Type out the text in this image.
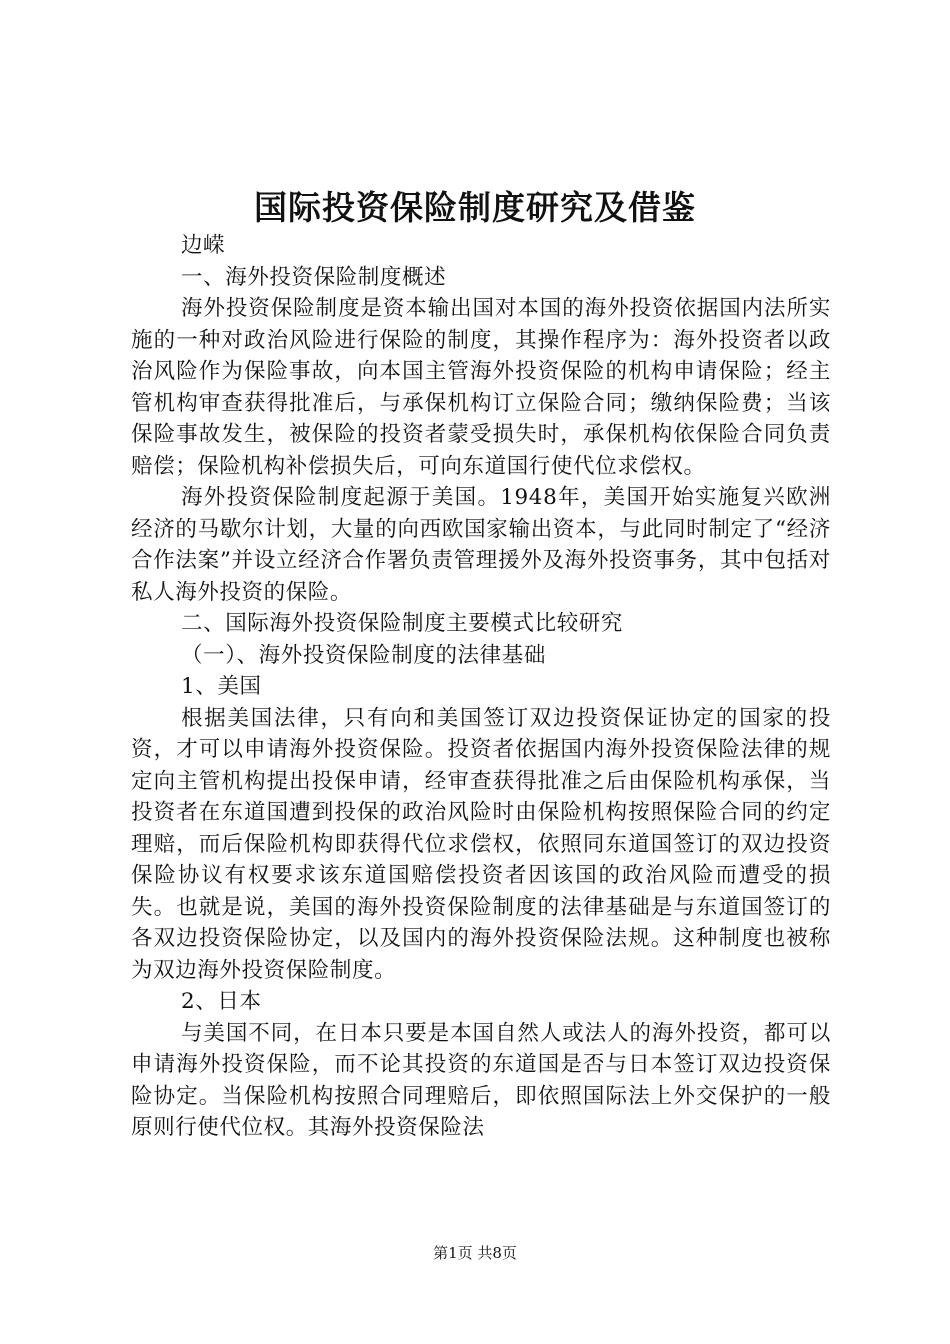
国际投资保险制度研究及借鉴

边嵘

一、海外投资保险制度概述

海外投资保险制度是资本输出国对本国的海外投资依据国内法所实施的一种对政治风险进行保险的制度，其操作程序为：海外投资者以政治风险作为保险事故，向本国主管海外投资保险的机构申请保险；经主管机构审查获得批准后，与承保机构订立保险合同；缴纳保险费；当该保险事故发生，被保险的投资者蒙受损失时，承保机构依保险合同负责赔偿；保险机构补偿损失后，可向东道国行使代位求偿权。

海外投资保险制度起源于美国。1948年，美国开始实施复兴欧洲经济的马歇尔计划，大量的向西欧国家输出资本，与此同时制定了“经济合作法案”并设立经济合作署负责管理援外及海外投资事务，其中包括对私人海外投资的保险。

二、国际海外投资保险制度主要模式比较研究

（一）、海外投资保险制度的法律基础

1、美国

根据美国法律，只有向和美国签订双边投资保证协定的国家的投资，才可以申请海外投资保险。投资者依据国内海外投资保险法律的规定向主管机构提出投保申请，经审查获得批准之后由保险机构承保，当投资者在东道国遭到投保的政治风险时由保险机构按照保险合同的约定理赔，而后保险机构即获得代位求偿权，依照同东道国签订的双边投资保险协议有权要求该东道国赔偿投资者因该国的政治风险而遭受的损失。也就是说，美国的海外投资保险制度的法律基础是与东道国签订的各双边投资保险协定，以及国内的海外投资保险法规。这种制度也被称为双边海外投资保险制度。

2、日本

与美国不同，在日本只要是本国自然人或法人的海外投资，都可以申请海外投资保险，而不论其投资的东道国是否与日本签订双边投资保险协定。当保险机构按照合同理赔后，即依照国际法上外交保护的一般原则行使代位权。其海外投资保险法

第1页 共8页
